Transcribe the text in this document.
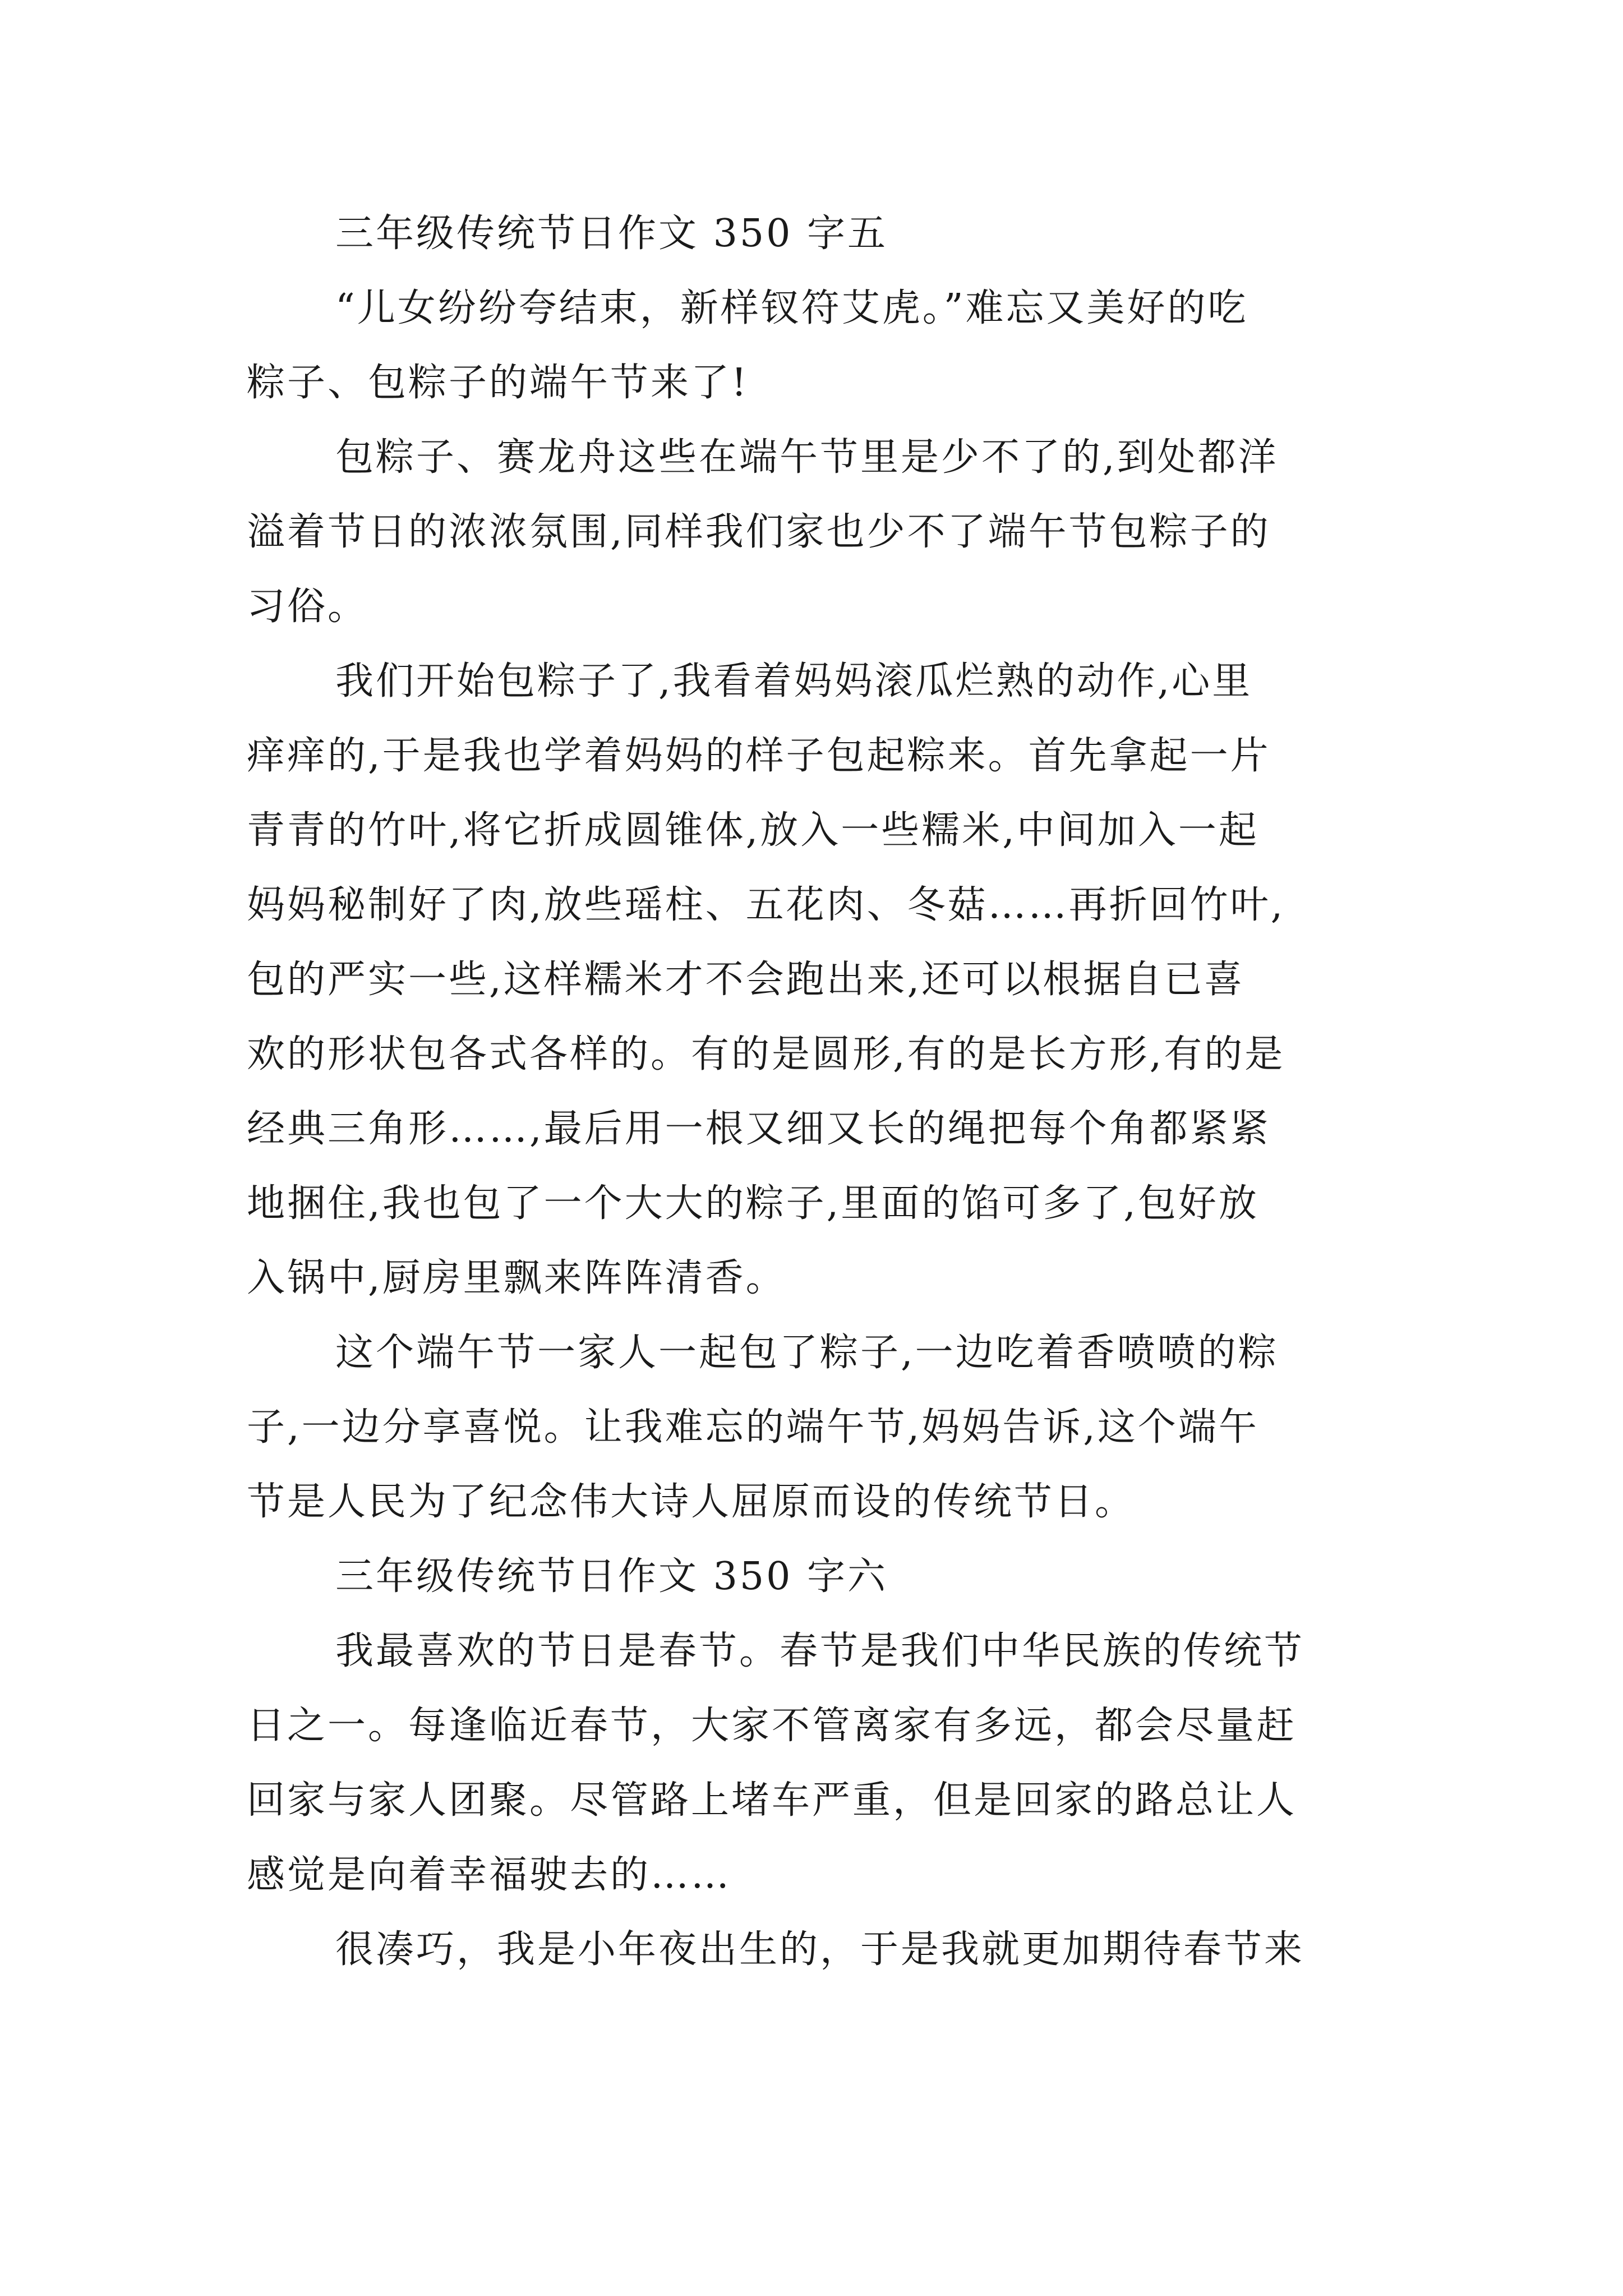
三年级传统节日作文 350 字五
“儿女纷纷夸结束，新样钗符艾虎。”难忘又美好的吃
粽子、包粽子的端午节来了!
包粽子、赛龙舟这些在端午节里是少不了的,到处都洋
溢着节日的浓浓氛围,同样我们家也少不了端午节包粽子的
习俗。
我们开始包粽子了,我看着妈妈滚瓜烂熟的动作,心里
痒痒的,于是我也学着妈妈的样子包起粽来。首先拿起一片
青青的竹叶,将它折成圆锥体,放入一些糯米,中间加入一起
妈妈秘制好了肉,放些瑶柱、五花肉、冬菇……再折回竹叶,
包的严实一些,这样糯米才不会跑出来,还可以根据自已喜
欢的形状包各式各样的。有的是圆形,有的是长方形,有的是
经典三角形……,最后用一根又细又长的绳把每个角都紧紧
地捆住,我也包了一个大大的粽子,里面的馅可多了,包好放
入锅中,厨房里飘来阵阵清香。
这个端午节一家人一起包了粽子,一边吃着香喷喷的粽
子,一边分享喜悦。让我难忘的端午节,妈妈告诉,这个端午
节是人民为了纪念伟大诗人屈原而设的传统节日。
三年级传统节日作文 350 字六
我最喜欢的节日是春节。春节是我们中华民族的传统节
日之一。每逢临近春节，大家不管离家有多远，都会尽量赶
回家与家人团聚。尽管路上堵车严重，但是回家的路总让人
感觉是向着幸福驶去的……
很凑巧，我是小年夜出生的，于是我就更加期待春节来
